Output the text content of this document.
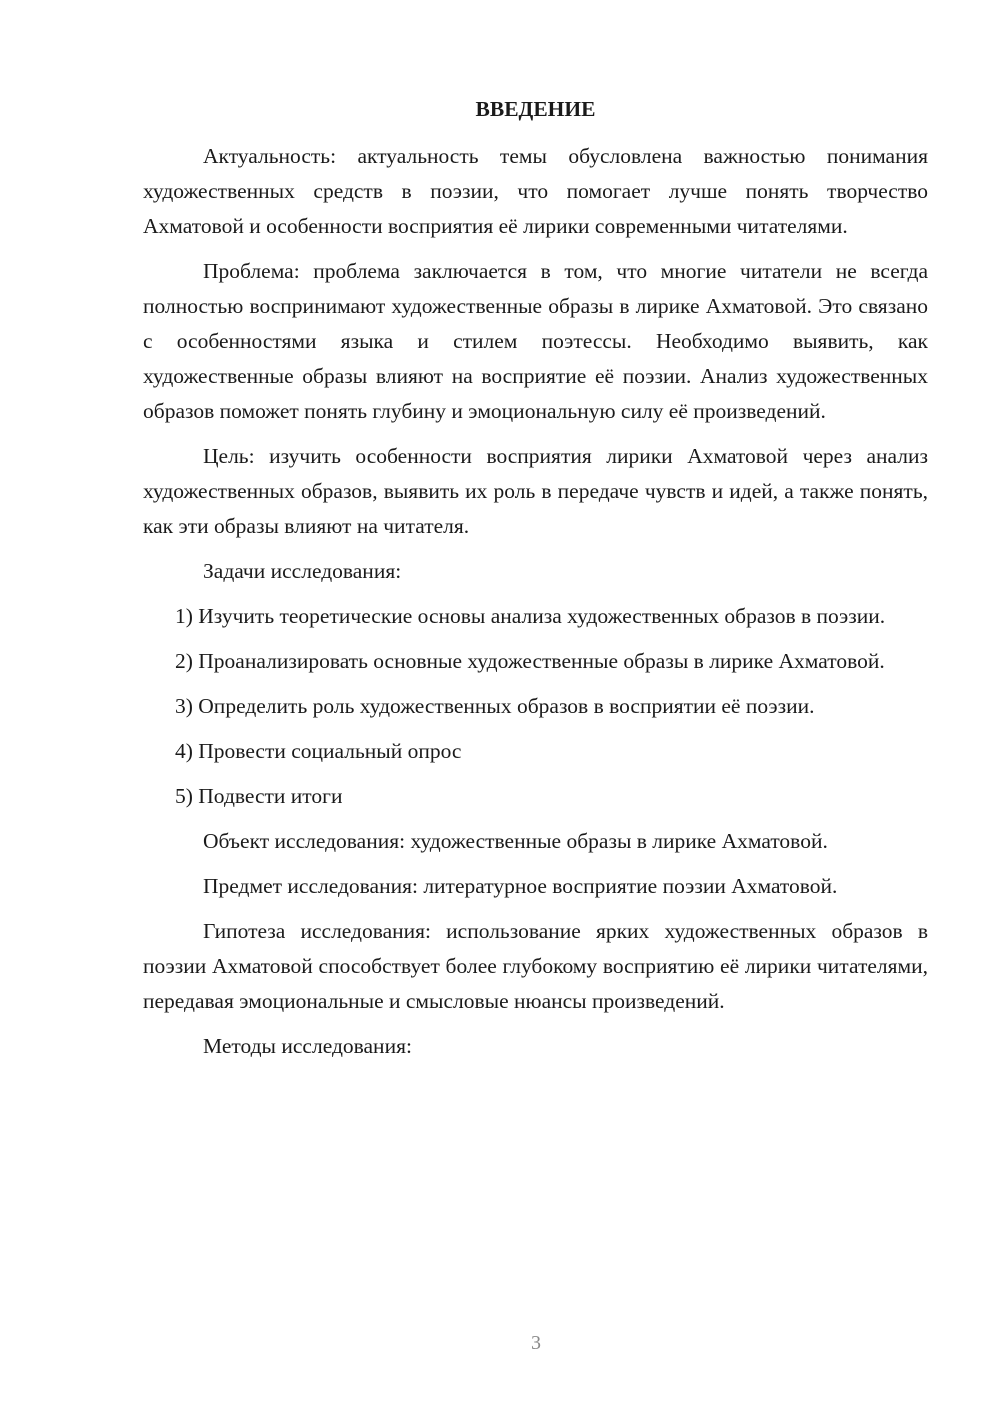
ВВЕДЕНИЕ

Актуальность: актуальность темы обусловлена важностью понимания художественных средств в поэзии, что помогает лучше понять творчество Ахматовой и особенности восприятия её лирики современными читателями.

Проблема: проблема заключается в том, что многие читатели не всегда полностью воспринимают художественные образы в лирике Ахматовой. Это связано с особенностями языка и стилем поэтессы. Необходимо выявить, как художественные образы влияют на восприятие её поэзии. Анализ художественных образов поможет понять глубину и эмоциональную силу её произведений.

Цель: изучить особенности восприятия лирики Ахматовой через анализ художественных образов, выявить их роль в передаче чувств и идей, а также понять, как эти образы влияют на читателя.

Задачи исследования:

1) Изучить теоретические основы анализа художественных образов в поэзии.

2) Проанализировать основные художественные образы в лирике Ахматовой.

3) Определить роль художественных образов в восприятии её поэзии.

4) Провести социальный опрос

5) Подвести итоги

Объект исследования: художественные образы в лирике Ахматовой.

Предмет исследования: литературное восприятие поэзии Ахматовой.

Гипотеза исследования: использование ярких художественных образов в поэзии Ахматовой способствует более глубокому восприятию её лирики читателями, передавая эмоциональные и смысловые нюансы произведений.

Методы исследования:

3
